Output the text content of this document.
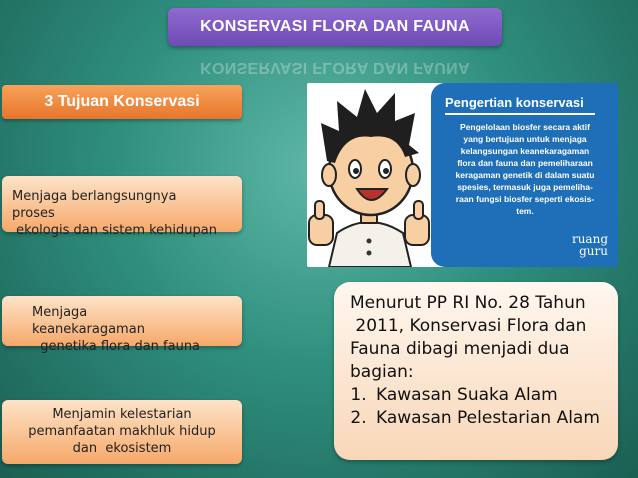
KONSERVASI FLORA DAN FAUNA
KONSERVASI FLORA DAN FAUNA
3 Tujuan Konservasi
Menjaga berlangsungnya
proses
ekologis dan sistem kehidupan
Menjaga
keanekaragaman
genetika flora dan fauna
Menjamin kelestarian
pemanfaatan makhluk hidup
dan  ekosistem
Pengertian konservasi
Pengelolaan biosfer secara aktif
yang bertujuan untuk menjaga
kelangsungan keanekaragaman
flora dan fauna dan pemeliharaan
keragaman genetik di dalam suatu
spesies, termasuk juga pemeliha-
raan fungsi biosfer seperti ekosis-
tem.
ruang
guru
Menurut PP RI No. 28 Tahun
2011, Konservasi Flora dan
Fauna dibagi menjadi dua
bagian:
1. Kawasan Suaka Alam
2. Kawasan Pelestarian Alam
